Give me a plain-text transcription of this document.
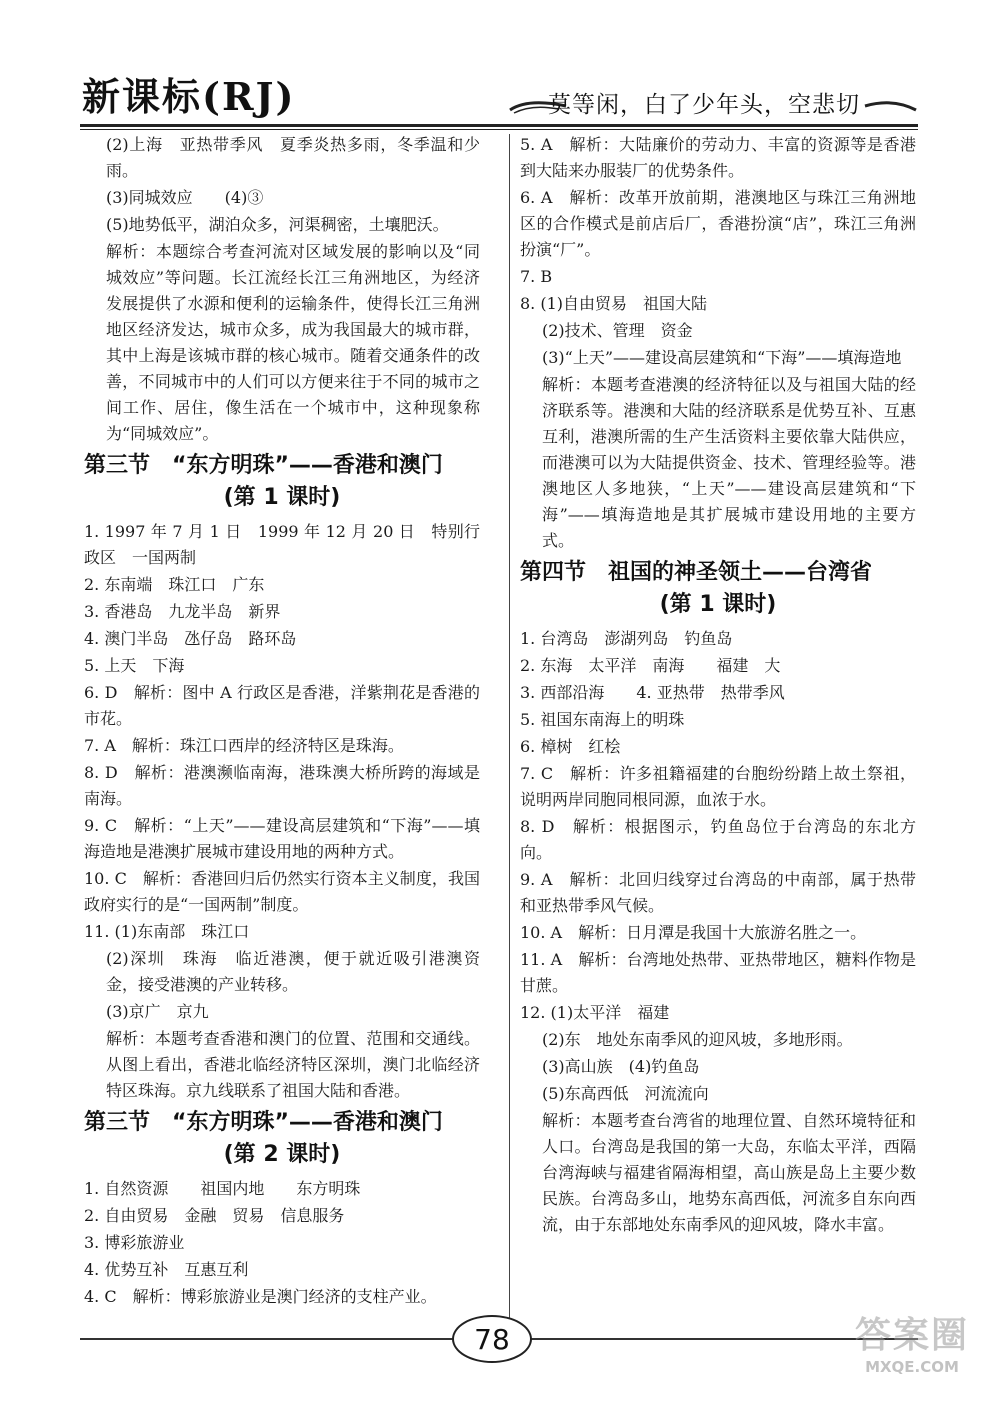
新课标(RJ)	莫等闲，白了少年头，空悲切
(2)上海　亚热带季风　夏季炎热多雨，冬季温和少雨。
(3)同城效应　　(4)③
(5)地势低平，湖泊众多，河渠稠密，土壤肥沃。
解析：本题综合考查河流对区域发展的影响以及“同城效应”等问题。长江流经长江三角洲地区，为经济发展提供了水源和便利的运输条件，使得长江三角洲地区经济发达，城市众多，成为我国最大的城市群，其中上海是该城市群的核心城市。随着交通条件的改善，不同城市中的人们可以方便来往于不同的城市之间工作、居住，像生活在一个城市中，这种现象称为“同城效应”。
第三节　“东方明珠”——香港和澳门
(第 1 课时)
1. 1997 年 7 月 1 日　1999 年 12 月 20 日　特别行政区　一国两制
2. 东南端　珠江口　广东
3. 香港岛　九龙半岛　新界
4. 澳门半岛　氹仔岛　路环岛
5. 上天　下海
6. D　解析：图中 A 行政区是香港，洋紫荆花是香港的市花。
7. A　解析：珠江口西岸的经济特区是珠海。
8. D　解析：港澳濒临南海，港珠澳大桥所跨的海域是南海。
9. C　解析：“上天”——建设高层建筑和“下海”——填海造地是港澳扩展城市建设用地的两种方式。
10. C　解析：香港回归后仍然实行资本主义制度，我国政府实行的是“一国两制”制度。
11. (1)东南部　珠江口
(2)深圳　珠海　临近港澳，便于就近吸引港澳资金，接受港澳的产业转移。
(3)京广　京九
解析：本题考查香港和澳门的位置、范围和交通线。从图上看出，香港北临经济特区深圳，澳门北临经济特区珠海。京九线联系了祖国大陆和香港。
第三节　“东方明珠”——香港和澳门
(第 2 课时)
1. 自然资源　　祖国内地　　东方明珠
2. 自由贸易　金融　贸易　信息服务
3. 博彩旅游业
4. 优势互补　互惠互利
4. C　解析：博彩旅游业是澳门经济的支柱产业。
5. A　解析：大陆廉价的劳动力、丰富的资源等是香港到大陆来办服装厂的优势条件。
6. A　解析：改革开放前期，港澳地区与珠江三角洲地区的合作模式是前店后厂，香港扮演“店”，珠江三角洲扮演“厂”。
7. B
8. (1)自由贸易　祖国大陆
(2)技术、管理　资金
(3)“上天”——建设高层建筑和“下海”——填海造地
解析：本题考查港澳的经济特征以及与祖国大陆的经济联系等。港澳和大陆的经济联系是优势互补、互惠互利，港澳所需的生产生活资料主要依靠大陆供应，而港澳可以为大陆提供资金、技术、管理经验等。港澳地区人多地狭，“上天”——建设高层建筑和“下海”——填海造地是其扩展城市建设用地的主要方式。
第四节　祖国的神圣领土——台湾省
(第 1 课时)
1. 台湾岛　澎湖列岛　钓鱼岛
2. 东海　太平洋　南海　　福建　大
3. 西部沿海　　4. 亚热带　热带季风
5. 祖国东南海上的明珠
6. 樟树　红桧
7. C　解析：许多祖籍福建的台胞纷纷踏上故土祭祖，说明两岸同胞同根同源，血浓于水。
8. D　解析：根据图示，钓鱼岛位于台湾岛的东北方向。
9. A　解析：北回归线穿过台湾岛的中南部，属于热带和亚热带季风气候。
10. A　解析：日月潭是我国十大旅游名胜之一。
11. A　解析：台湾地处热带、亚热带地区，糖料作物是甘蔗。
12. (1)太平洋　福建
(2)东　地处东南季风的迎风坡，多地形雨。
(3)高山族　(4)钓鱼岛
(5)东高西低　河流流向
解析：本题考查台湾省的地理位置、自然环境特征和人口。台湾岛是我国的第一大岛，东临太平洋，西隔台湾海峡与福建省隔海相望，高山族是岛上主要少数民族。台湾岛多山，地势东高西低，河流多自东向西流，由于东部地处东南季风的迎风坡，降水丰富。
78	答案圈
MXQE.COM
